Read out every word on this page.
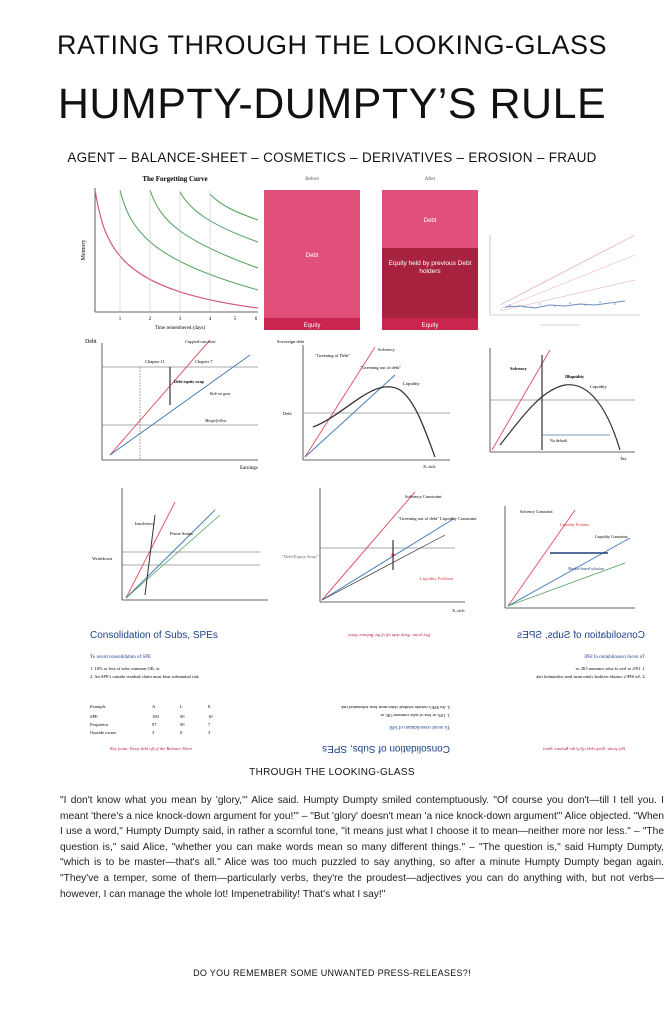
RATING THROUGH THE LOOKING-GLASS
HUMPTY-DUMPTY’S RULE
AGENT – BALANCE-SHEET – COSMETICS – DERIVATIVES – EROSION – FRAUD
The Forgetting Curve
Memory
1	2	3	4	5	6
Time remembered (days)
Before
Debt
Equity
After
Debt
Equity held by previous Debt holders
Equity
Debt	Capped-out zone
Chapter 11	Chapter 7
Debt-equity swap
Bolt-on gear
Merge/follow
Earnings
Sovereign debt
"Greening of Debt"
Solvency
"Greening out of debt"
Liquidity
Debt
X–rich
Solvency
Illiquidity
Liquidity
No default
Tax
Insolvency
Prime Status
Writedown
Solvency Constraint
"Greening out of debt" Liquidity Constraint
"Debt/Equity Swap"
Liquidity Problem
X–rich
Solvency Constraint
Liquidity Problem
Liquidity Constraint
Market-based solution
Consolidation of Subs, SPEs
To avoid consolidation of SPE
1. 10% or less of subs common OIL or
2. An SPE's outside residual claim must bear substantial risk
Example	A	L	E
SPE	100	90	10
Proprietor	97	90	7
Outside owner	3	0	3
Key point: Keep debt off of the Balance Sheet	Consolidation of Subs, SPEs
To avoid consolidation of SPE
1. 10% or less of subs common OIL or
2. An SPE's outside residual claim must bear substantial risk
Key point: Keep debt off of the Balance Sheet	Consolidation of Subs, SPEs
To avoid consolidation of SPE
1. 10% or less of subs common OIL or
2. An SPE's outside residual claim must bear substantial risk
Key point: Keep debt off of the Balance Sheet
THROUGH THE LOOKING-GLASS
"I don't know what you mean by 'glory,'" Alice said. Humpty Dumpty smiled contemptuously. "Of course you don't—till I tell you. I meant 'there's a nice knock-down argument for you!'" – "But 'glory' doesn't mean 'a nice knock-down argument'" Alice objected. "When I use a word," Humpty Dumpty said, in rather a scornful tone, "it means just what I choose it to mean—neither more nor less." – "The question is," said Alice, "whether you can make words mean so many different things." – "The question is," said Humpty Dumpty, "which is to be master—that's all." Alice was too much puzzled to say anything, so after a minute Humpty Dumpty began again. "They've a temper, some of them—particularly verbs, they're the proudest—adjectives you can do anything with, but not verbs—however, I can manage the whole lot! Impenetrability! That's what I say!"
DO YOU REMEMBER SOME UNWANTED PRESS-RELEASES?!
